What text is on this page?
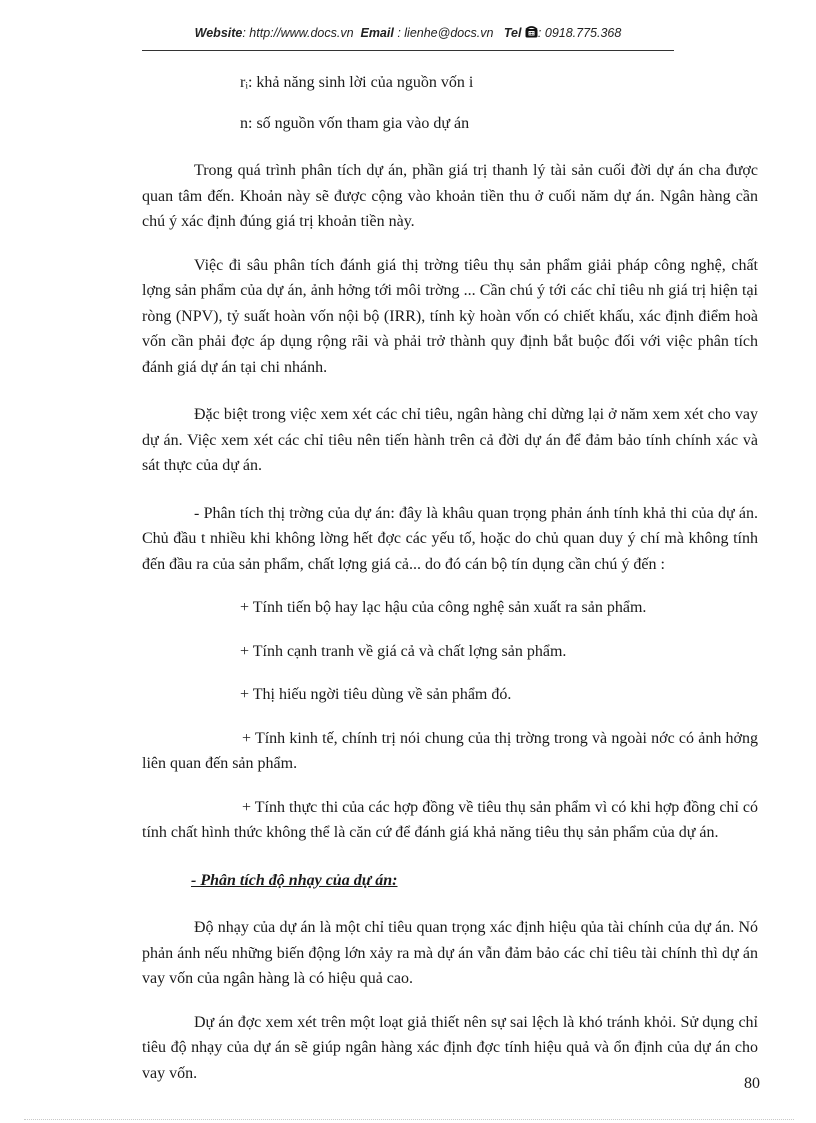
Website: http://www.docs.vn Email : lienhe@docs.vn Tel : 0918.775.368

rᵢ: khả năng sinh lời của nguồn vốn i

n: số nguồn vốn tham gia vào dự án

Trong quá trình phân tích dự án, phần giá trị thanh lý tài sản cuối đời dự án cha được quan tâm đến. Khoản này sẽ được cộng vào khoản tiền thu ở cuối năm dự án. Ngân hàng cần chú ý xác định đúng giá trị khoản tiền này.

Việc đi sâu phân tích đánh giá thị trờng tiêu thụ sản phẩm giải pháp công nghệ, chất lợng sản phẩm của dự án, ảnh hởng tới môi trờng ... Cần chú ý tới các chỉ tiêu nh giá trị hiện tại ròng (NPV), tỷ suất hoàn vốn nội bộ (IRR), tính kỳ hoàn vốn có chiết khấu, xác định điểm hoà vốn cần phải đợc áp dụng rộng rãi và phải trở thành quy định bắt buộc đối với việc phân tích đánh giá dự án tại chi nhánh.

Đặc biệt trong việc xem xét các chỉ tiêu, ngân hàng chỉ dừng lại ở năm xem xét cho vay dự án. Việc xem xét các chỉ tiêu nên tiến hành trên cả đời dự án để đảm bảo tính chính xác và sát thực của dự án.

- Phân tích thị trờng của dự án: đây là khâu quan trọng phản ánh tính khả thi của dự án. Chủ đầu t nhiều khi không lờng hết đợc các yếu tố, hoặc do chủ quan duy ý chí mà không tính đến đầu ra của sản phẩm, chất lợng giá cả... do đó cán bộ tín dụng cần chú ý đến :

+ Tính tiến bộ hay lạc hậu của công nghệ sản xuất ra sản phẩm.

+ Tính cạnh tranh về giá cả và chất lợng sản phẩm.

+ Thị hiếu ngời tiêu dùng về sản phẩm đó.

+ Tính kinh tế, chính trị nói chung của thị trờng trong và ngoài nớc có ảnh hởng liên quan đến sản phẩm.

+ Tính thực thi của các hợp đồng về tiêu thụ sản phẩm vì có khi hợp đồng chỉ có tính chất hình thức không thể là căn cứ để đánh giá khả năng tiêu thụ sản phẩm của dự án.

- Phân tích độ nhạy của dự án:

Độ nhạy của dự án là một chỉ tiêu quan trọng xác định hiệu qủa tài chính của dự án. Nó phản ánh nếu những biến động lớn xảy ra mà dự án vẫn đảm bảo các chỉ tiêu tài chính thì dự án vay vốn của ngân hàng là có hiệu quả cao.

Dự án đợc xem xét trên một loạt giả thiết nên sự sai lệch là khó tránh khỏi. Sử dụng chỉ tiêu độ nhạy của dự án sẽ giúp ngân hàng xác định đợc tính hiệu quả và ổn định của dự án cho vay vốn.

80
